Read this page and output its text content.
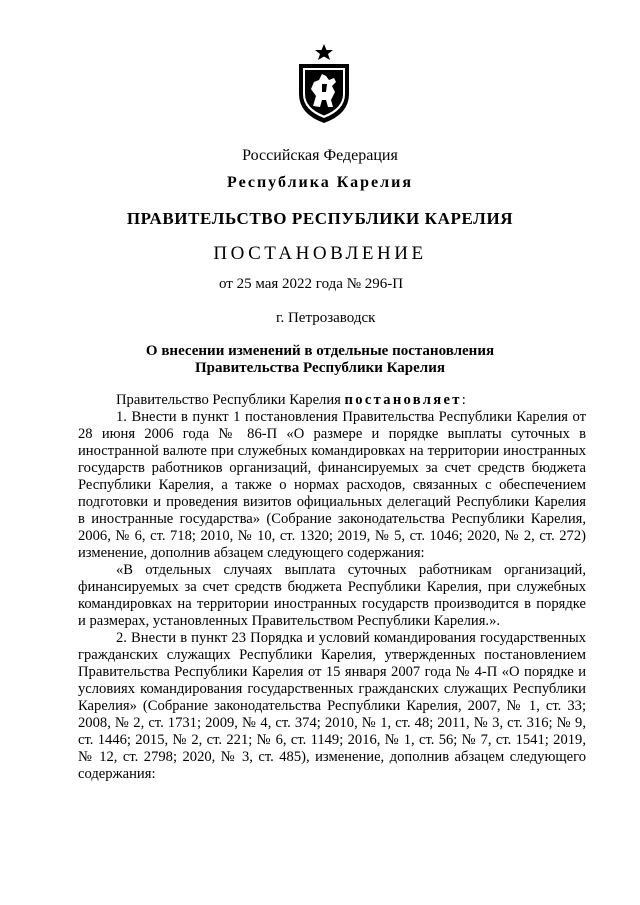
Российская Федерация
Республика Карелия
ПРАВИТЕЛЬСТВО РЕСПУБЛИКИ КАРЕЛИЯ
ПОСТАНОВЛЕНИЕ
от 25 мая 2022 года № 296-П
г. Петрозаводск
О внесении изменений в отдельные постановления
Правительства Республики Карелия

Правительство Республики Карелия постановляет:

1. Внести в пункт 1 постановления Правительства Республики Карелия от 28 июня 2006 года № 86-П «О размере и порядке выплаты суточных в иностранной валюте при служебных командировках на территории иностранных государств работников организаций, финансируемых за счет средств бюджета Республики Карелия, а также о нормах расходов, связанных с обеспечением подготовки и проведения визитов официальных делегаций Республики Карелия в иностранные государства» (Собрание законодательства Республики Карелия, 2006, № 6, ст. 718; 2010, № 10, ст. 1320; 2019, № 5, ст. 1046; 2020, № 2, ст. 272) изменение, дополнив абзацем следующего содержания:

«В отдельных случаях выплата суточных работникам организаций, финансируемых за счет средств бюджета Республики Карелия, при служебных командировках на территории иностранных государств производится в порядке и размерах, установленных Правительством Республики Карелия.».

2. Внести в пункт 23 Порядка и условий командирования государственных гражданских служащих Республики Карелия, утвержденных постановлением Правительства Республики Карелия от 15 января 2007 года № 4-П «О порядке и условиях командирования государственных гражданских служащих Республики Карелия» (Собрание законодательства Республики Карелия, 2007, № 1, ст. 33; 2008, № 2, ст. 1731; 2009, № 4, ст. 374; 2010, № 1, ст. 48; 2011, № 3, ст. 316; № 9, ст. 1446; 2015, № 2, ст. 221; № 6, ст. 1149; 2016, № 1, ст. 56; № 7, ст. 1541; 2019, № 12, ст. 2798; 2020, № 3, ст. 485), изменение, дополнив абзацем следующего содержания:
